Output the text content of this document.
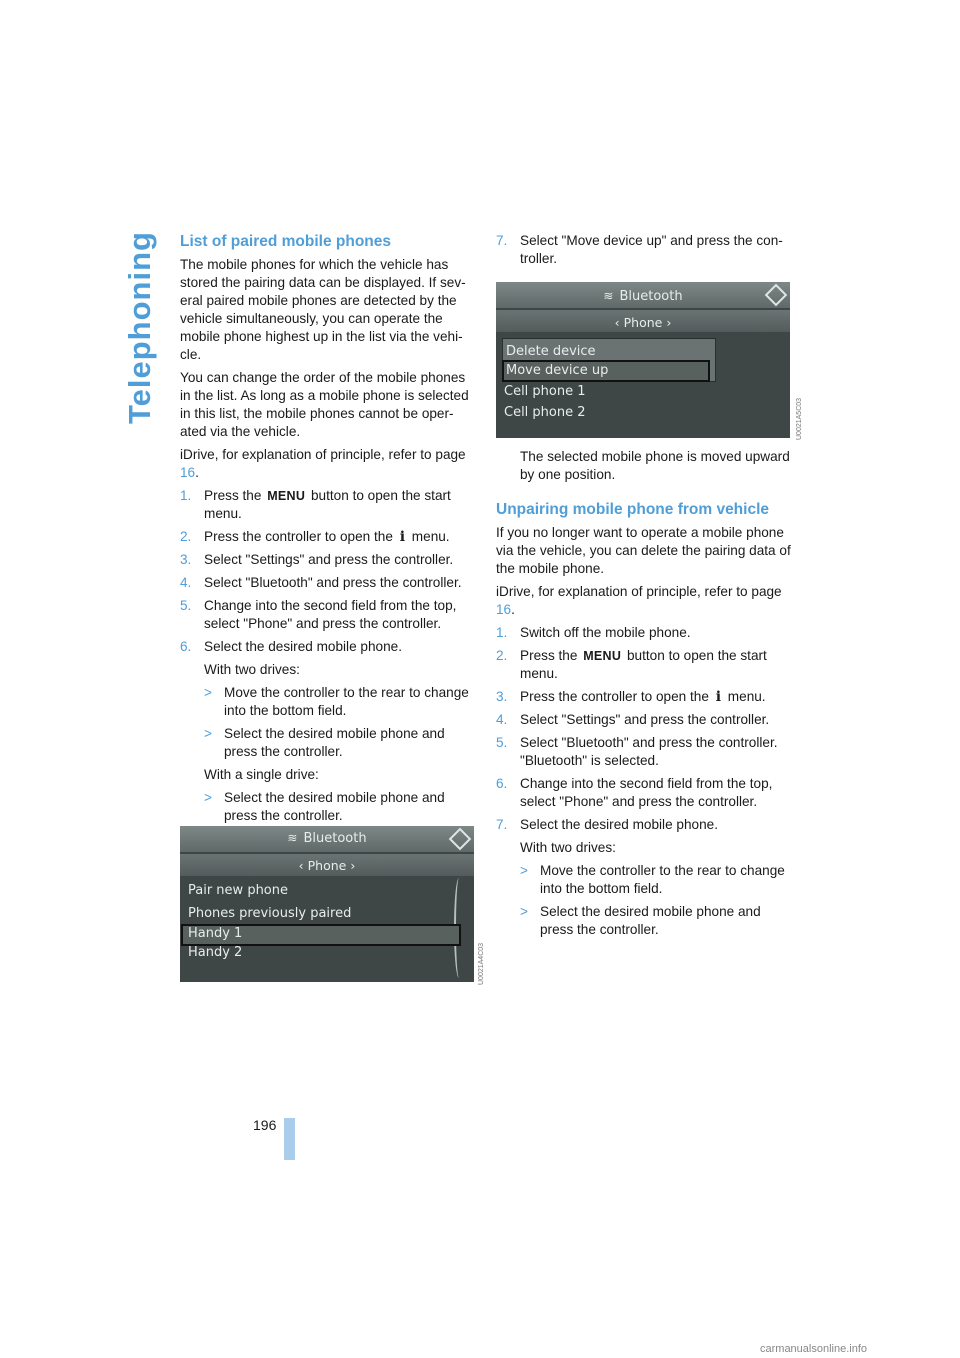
Telephoning List of paired mobile phones

The mobile phones for which the vehicle has stored the pairing data can be displayed. If sev-eral paired mobile phones are detected by the vehicle simultaneously, you can operate the mobile phone highest up in the list via the vehi-cle.

You can change the order of the mobile phones in the list. As long as a mobile phone is selected in this list, the mobile phones cannot be oper-ated via the vehicle.

iDrive, for explanation of principle, refer to page 16.

1. Press the MENU button to open the start menu.
2. Press the controller to open the i menu.
3. Select "Settings" and press the controller.
4. Select "Bluetooth" and press the controller.
5. Change into the second field from the top, select "Phone" and press the controller.
6. Select the desired mobile phone.

With two drives:

> Move the controller to the rear to change into the bottom field.
> Select the desired mobile phone and press the controller.

With a single drive:

> Select the desired mobile phone and press the controller.
≋ Bluetooth
‹ Phone ›
Pair new phone
Phones previously paired
Handy 1
Handy 2	U0021A4C03
7. Select "Move device up" and press the con-troller.
≋ Bluetooth
‹ Phone ›
Delete device
Move device up
Cell phone 1
Cell phone 2

The selected mobile phone is moved upward by one position.

Unpairing mobile phone from vehicle

If you no longer want to operate a mobile phone via the vehicle, you can delete the pairing data of the mobile phone.

iDrive, for explanation of principle, refer to page 16.

1. Switch off the mobile phone.
2. Press the MENU button to open the start menu.
3. Press the controller to open the i menu.
4. Select "Settings" and press the controller.
5. Select "Bluetooth" and press the controller. "Bluetooth" is selected.
6. Change into the second field from the top, select "Phone" and press the controller.
7. Select the desired mobile phone.

With two drives:

> Move the controller to the rear to change into the bottom field.
> Select the desired mobile phone and press the controller.
U0021A5C03
196
carmanualsonline.info
